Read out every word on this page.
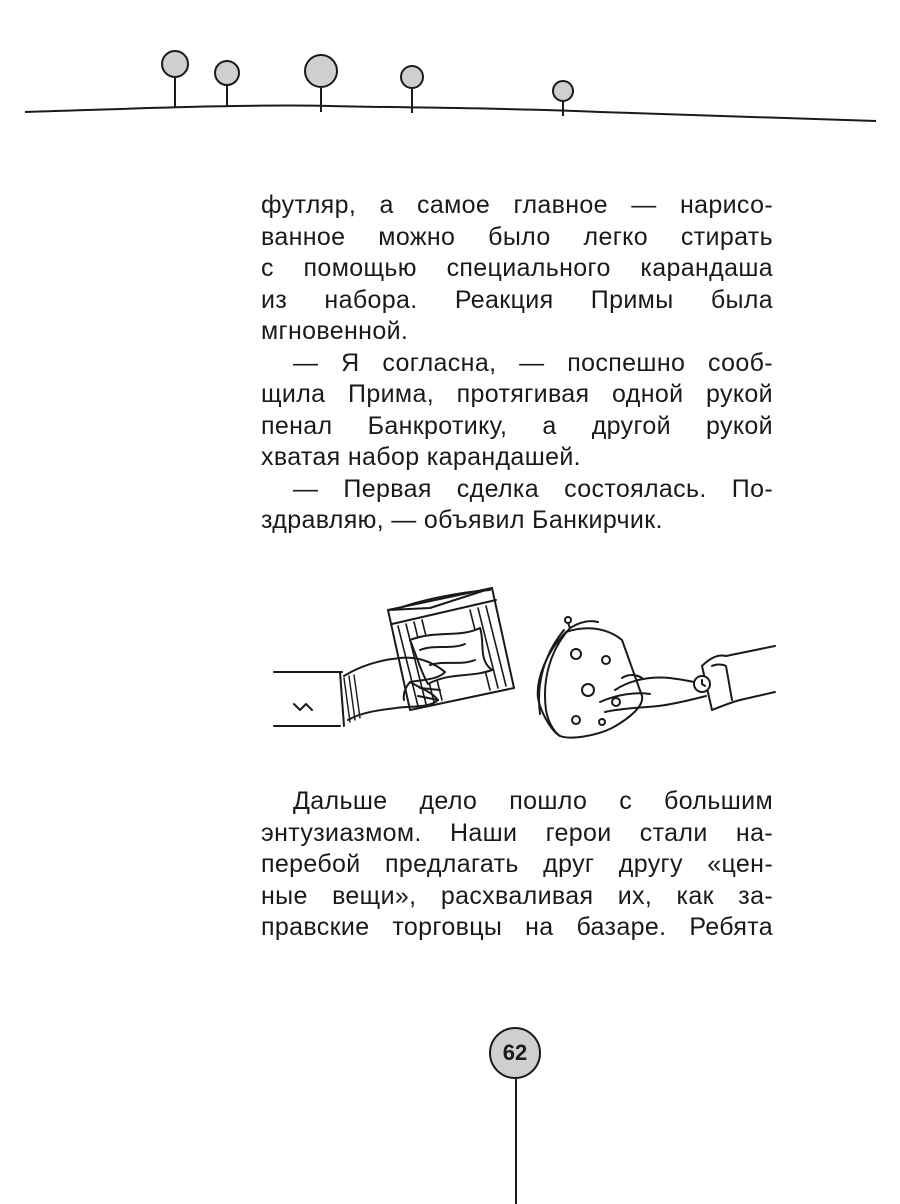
футляр, а самое главное — нарисо-

ванное можно было легко стирать

с помощью специального карандаша

из набора. Реакция Примы была

мгновенной.

— Я согласна, — поспешно сооб-

щила Прима, протягивая одной рукой

пенал Банкротику, а другой рукой

хватая набор карандашей.

— Первая сделка состоялась. По-

здравляю, — объявил Банкирчик.

Дальше дело пошло с большим

энтузиазмом. Наши герои стали на-

перебой предлагать друг другу «цен-

ные вещи», расхваливая их, как за-

правские торговцы на базаре. Ребята

62
